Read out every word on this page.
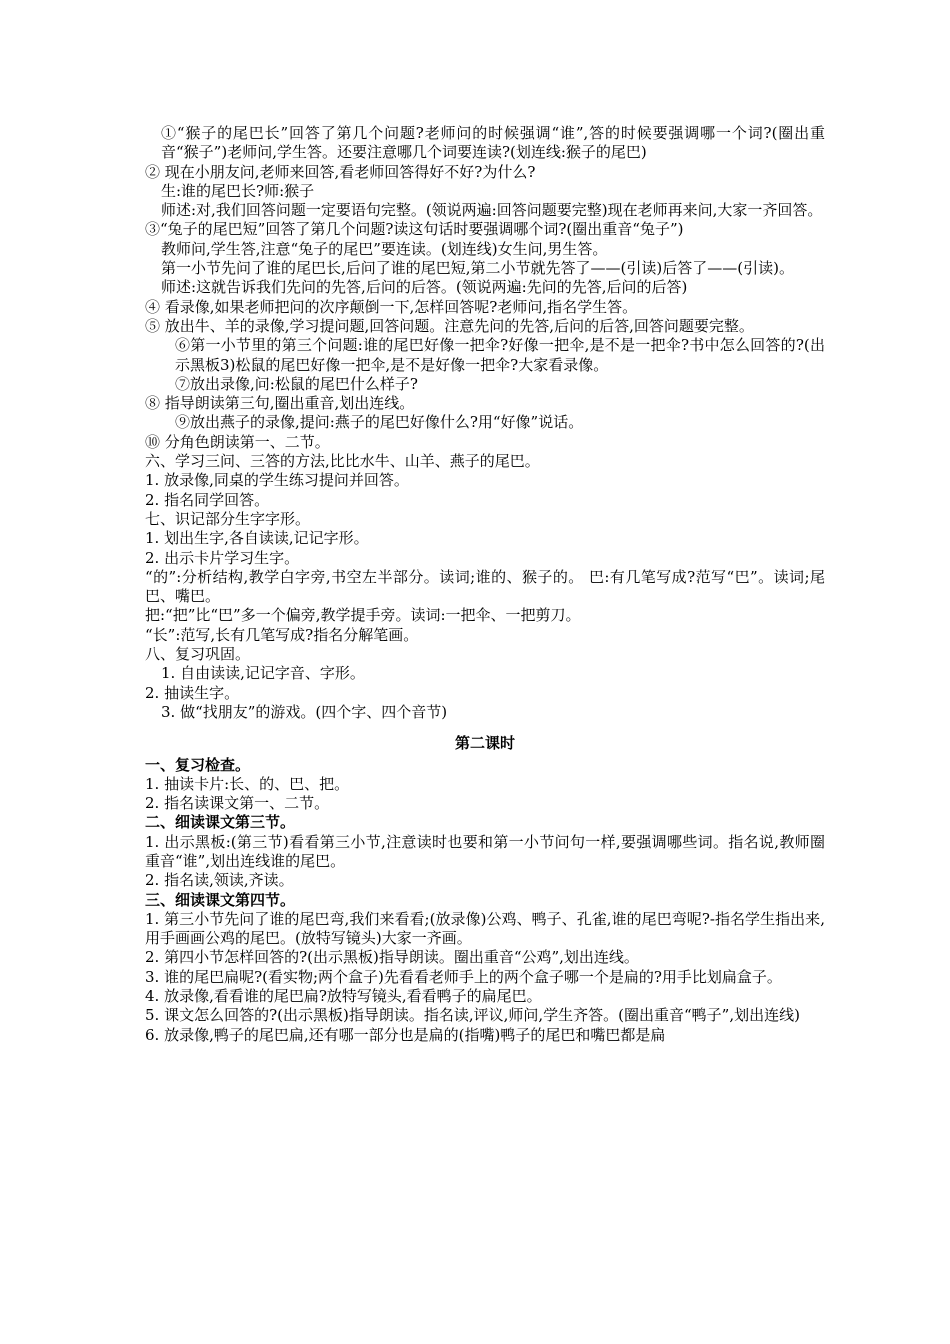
①“猴子的尾巴长”回答了第几个问题?老师问的时候强调“谁”,答的时候要强调哪一个词?(圈出重音“猴子”)老师问,学生答。还要注意哪几个词要连读?(划连线:猴子的尾巴)

② 现在小朋友问,老师来回答,看老师回答得好不好?为什么?

生:谁的尾巴长?师:猴子

师述:对,我们回答问题一定要语句完整。(领说两遍:回答问题要完整)现在老师再来问,大家一齐回答。

③“兔子的尾巴短”回答了第几个问题?读这句话时要强调哪个词?(圈出重音“兔子”)

教师问,学生答,注意“兔子的尾巴”要连读。(划连线)女生问,男生答。

第一小节先问了谁的尾巴长,后问了谁的尾巴短,第二小节就先答了——(引读)后答了——(引读)。

师述:这就告诉我们先问的先答,后问的后答。(领说两遍:先问的先答,后问的后答)

④ 看录像,如果老师把问的次序颠倒一下,怎样回答呢?老师问,指名学生答。

⑤ 放出牛、羊的录像,学习提问题,回答问题。注意先问的先答,后问的后答,回答问题要完整。

⑥第一小节里的第三个问题:谁的尾巴好像一把伞?好像一把伞,是不是一把伞?书中怎么回答的?(出示黑板3)松鼠的尾巴好像一把伞,是不是好像一把伞?大家看录像。

⑦放出录像,问:松鼠的尾巴什么样子?

⑧ 指导朗读第三句,圈出重音,划出连线。

⑨放出燕子的录像,提问:燕子的尾巴好像什么?用“好像”说话。

⑩ 分角色朗读第一、二节。

六、学习三问、三答的方法,比比水牛、山羊、燕子的尾巴。

1. 放录像,同桌的学生练习提问并回答。

2. 指名同学回答。

七、识记部分生字字形。

1. 划出生字,各自读读,记记字形。

2. 出示卡片学习生字。

“的”:分析结构,教学白字旁,书空左半部分。读词;谁的、猴子的。 巴:有几笔写成?范写“巴”。读词;尾巴、嘴巴。

把:“把”比“巴”多一个偏旁,教学提手旁。读词:一把伞、一把剪刀。

“长”:范写,长有几笔写成?指名分解笔画。

八、复习巩固。

1. 自由读读,记记字音、字形。

2. 抽读生字。

3. 做“找朋友”的游戏。(四个字、四个音节)

第二课时

一、复习检查。

1. 抽读卡片:长、的、巴、把。

2. 指名读课文第一、二节。

二、细读课文第三节。

1. 出示黑板:(第三节)看看第三小节,注意读时也要和第一小节问句一样,要强调哪些词。指名说,教师圈重音“谁”,划出连线谁的尾巴。

2. 指名读,领读,齐读。

三、细读课文第四节。

1. 第三小节先问了谁的尾巴弯,我们来看看;(放录像)公鸡、鸭子、孔雀,谁的尾巴弯呢?-指名学生指出来,用手画画公鸡的尾巴。(放特写镜头)大家一齐画。

2. 第四小节怎样回答的?(出示黑板)指导朗读。圈出重音“公鸡”,划出连线。

3. 谁的尾巴扁呢?(看实物;两个盒子)先看看老师手上的两个盒子哪一个是扁的?用手比划扁盒子。

4. 放录像,看看谁的尾巴扁?放特写镜头,看看鸭子的扁尾巴。

5. 课文怎么回答的?(出示黑板)指导朗读。指名读,评议,师问,学生齐答。(圈出重音“鸭子”,划出连线)

6. 放录像,鸭子的尾巴扁,还有哪一部分也是扁的(指嘴)鸭子的尾巴和嘴巴都是扁
